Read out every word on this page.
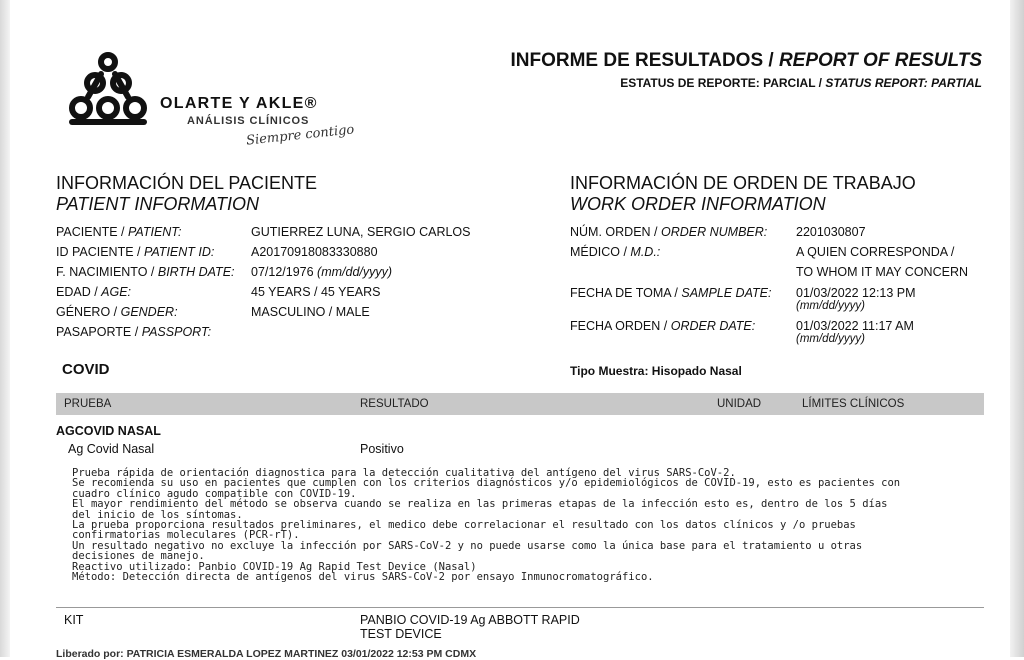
OLARTE Y AKLE®
ANÁLISIS CLÍNICOS
Siempre contigo
INFORME DE RESULTADOS / REPORT OF RESULTS
ESTATUS DE REPORTE: PARCIAL / STATUS REPORT: PARTIAL
INFORMACIÓN DEL PACIENTE
PATIENT INFORMATION
PACIENTE / PATIENT:	GUTIERREZ LUNA, SERGIO CARLOS
ID PACIENTE / PATIENT ID:	A20170918083330880
F. NACIMIENTO / BIRTH DATE: 07/12/1976 (mm/dd/yyyy)
EDAD / AGE:	45 YEARS / 45 YEARS
GÉNERO / GENDER:	MASCULINO / MALE
PASAPORTE / PASSPORT:
INFORMACIÓN DE ORDEN DE TRABAJO
WORK ORDER INFORMATION
NÚM. ORDEN / ORDER NUMBER: 2201030807
MÉDICO / M.D.:	A QUIEN CORRESPONDA /
TO WHOM IT MAY CONCERN
FECHA DE TOMA / SAMPLE DATE: 01/03/2022 12:13 PM
(mm/dd/yyyy)
FECHA ORDEN / ORDER DATE:	01/03/2022 11:17 AM
(mm/dd/yyyy)
COVID	Tipo Muestra: Hisopado Nasal
PRUEBA	RESULTADO	UNIDAD	LÍMITES CLÍNICOS
AGCOVID NASAL
Ag Covid Nasal	Positivo
Prueba rápida de orientación diagnostica para la detección cualitativa del antígeno del virus SARS-CoV-2.
Se recomienda su uso en pacientes que cumplen con los criterios diagnósticos y/o epidemiológicos de COVID-19, esto es pacientes con
cuadro clínico agudo compatible con COVID-19.
El mayor rendimiento del método se observa cuando se realiza en las primeras etapas de la infección esto es, dentro de los 5 días
del inicio de los síntomas.
La prueba proporciona resultados preliminares, el medico debe correlacionar el resultado con los datos clínicos y /o pruebas
confirmatorias moleculares (PCR-rT).
Un resultado negativo no excluye la infección por SARS-CoV-2 y no puede usarse como la única base para el tratamiento u otras
decisiones de manejo.
Reactivo utilizado: Panbio COVID-19 Ag Rapid Test Device (Nasal)
Método: Detección directa de antígenos del virus SARS-CoV-2 por ensayo Inmunocromatográfico.
KIT	PANBIO COVID-19 Ag ABBOTT RAPID
TEST DEVICE
Liberado por: PATRICIA ESMERALDA LOPEZ MARTINEZ 03/01/2022 12:53 PM CDMX
